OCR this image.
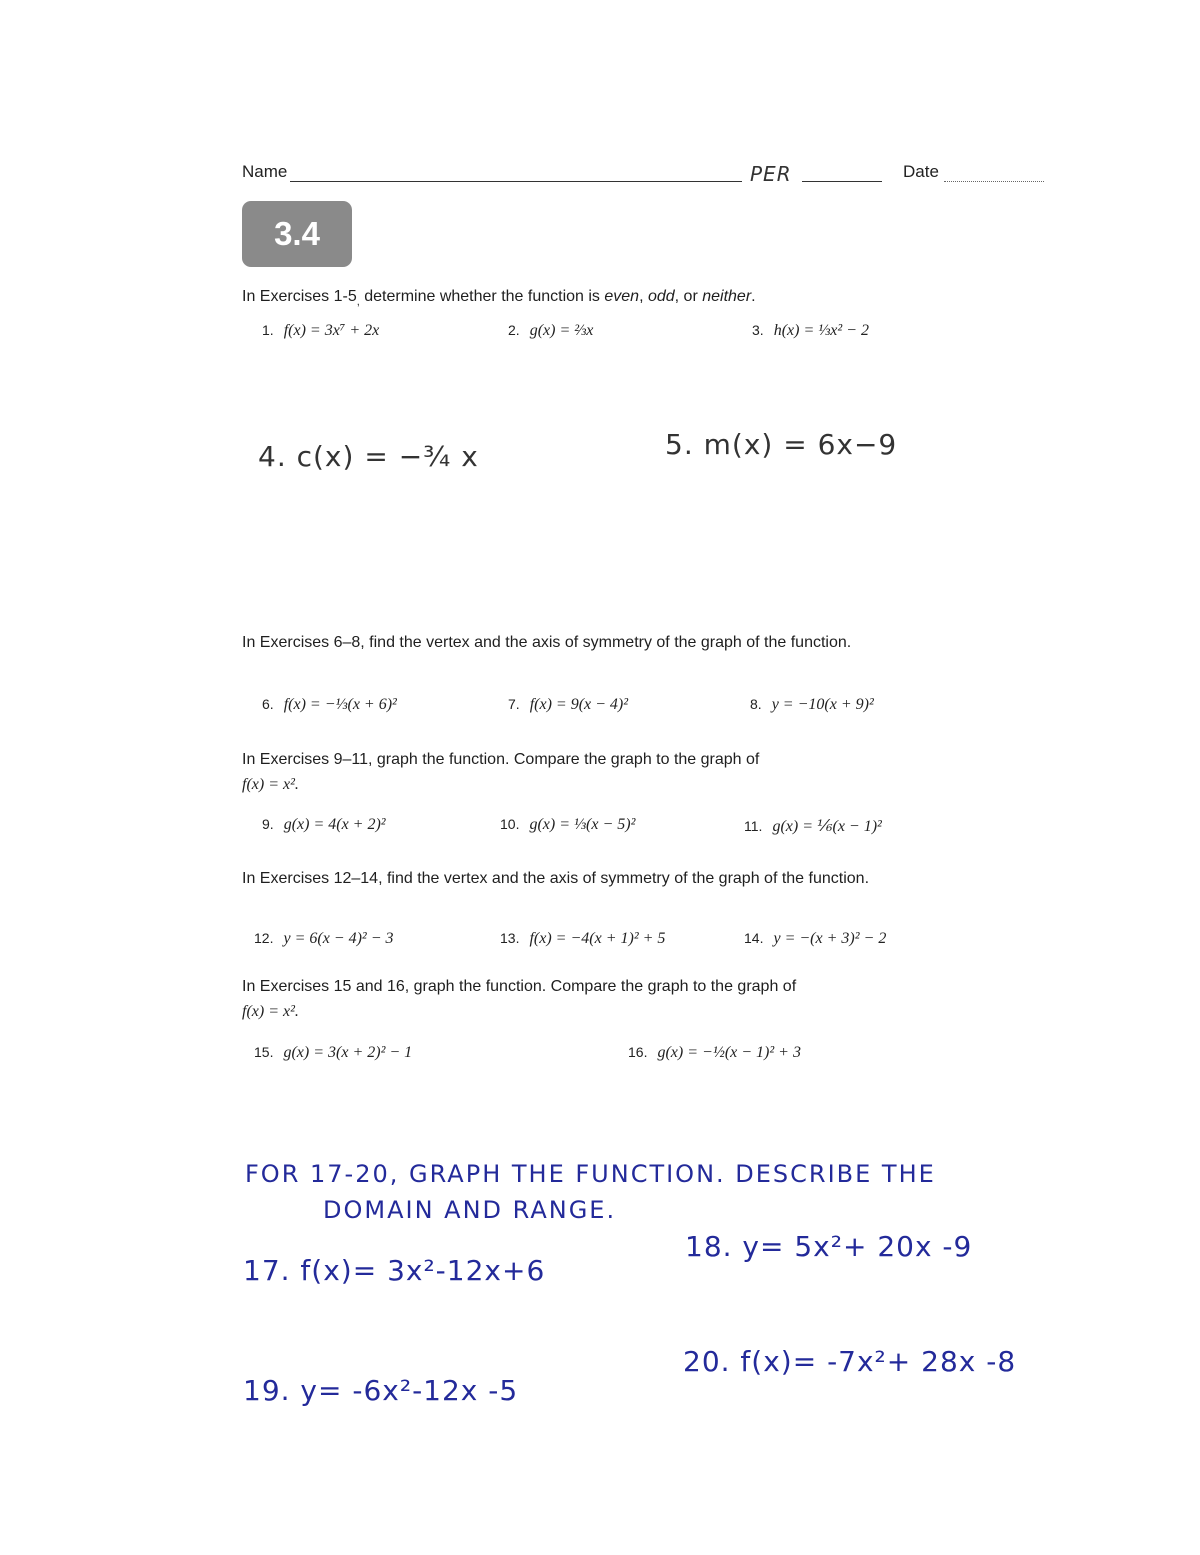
Name	PER	Date
3.4
In Exercises $1-5_,$ determine whether the function is even, odd, or neither.
1. f(x) = 3x⁷ + 2x	2. g(x) = ⅔x	3. h(x) = ⅓x² − 2
4. c(x) = −¾ x	5. m(x) = 6x−9
In Exercises 6–8, find the vertex and the axis of symmetry of the graph of the function.
6. f(x) = −⅓(x + 6)²	7. f(x) = 9(x − 4)²	8. y = −10(x + 9)²
In Exercises 9–11, graph the function. Compare the graph to the graph of
f(x) = x².
9. g(x) = 4(x + 2)²	10. g(x) = ⅓(x − 5)²	11. g(x) = ⅙(x − 1)²
In Exercises 12–14, find the vertex and the axis of symmetry of the graph of the function.
12. y = 6(x − 4)² − 3	13. f(x) = −4(x + 1)² + 5	14. y = −(x + 3)² − 2
In Exercises 15 and 16, graph the function. Compare the graph to the graph of
f(x) = x².
15. g(x) = 3(x + 2)² − 1	16. g(x) = −½(x − 1)² + 3
FOR 17-20, GRAPH THE FUNCTION. DESCRIBE THE
DOMAIN AND RANGE.
17. f(x)= 3x²-12x+6
18. y= 5x²+ 20x -9
19. y= -6x²-12x -5
20. f(x)= -7x²+ 28x -8
